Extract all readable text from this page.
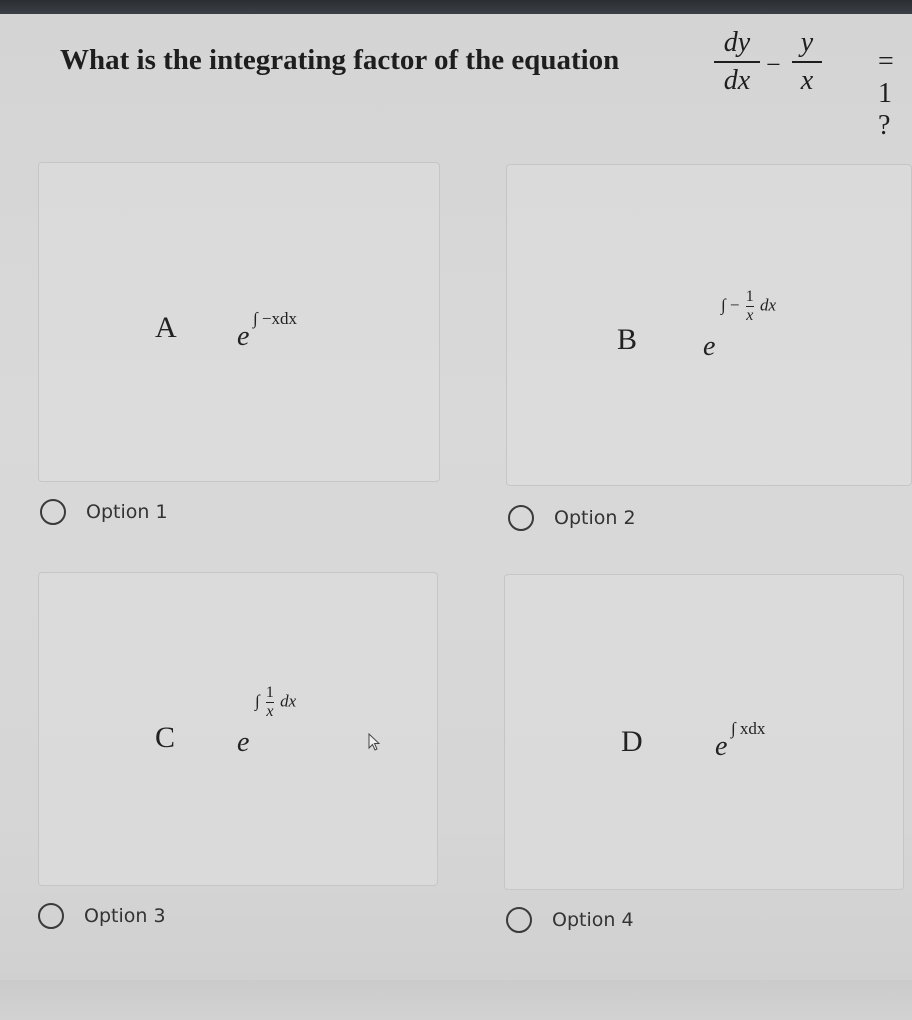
What is the integrating factor of the equation
dy
dx
−
y
x
= 1 ?
A e
∫ −xdx
Option 1
B e
∫ − $\frac{1}{x}$ dx
Option 2
C e
∫ $\frac{1}{x}$ dx
Option 3
D	e
∫ xdx
Option 4
